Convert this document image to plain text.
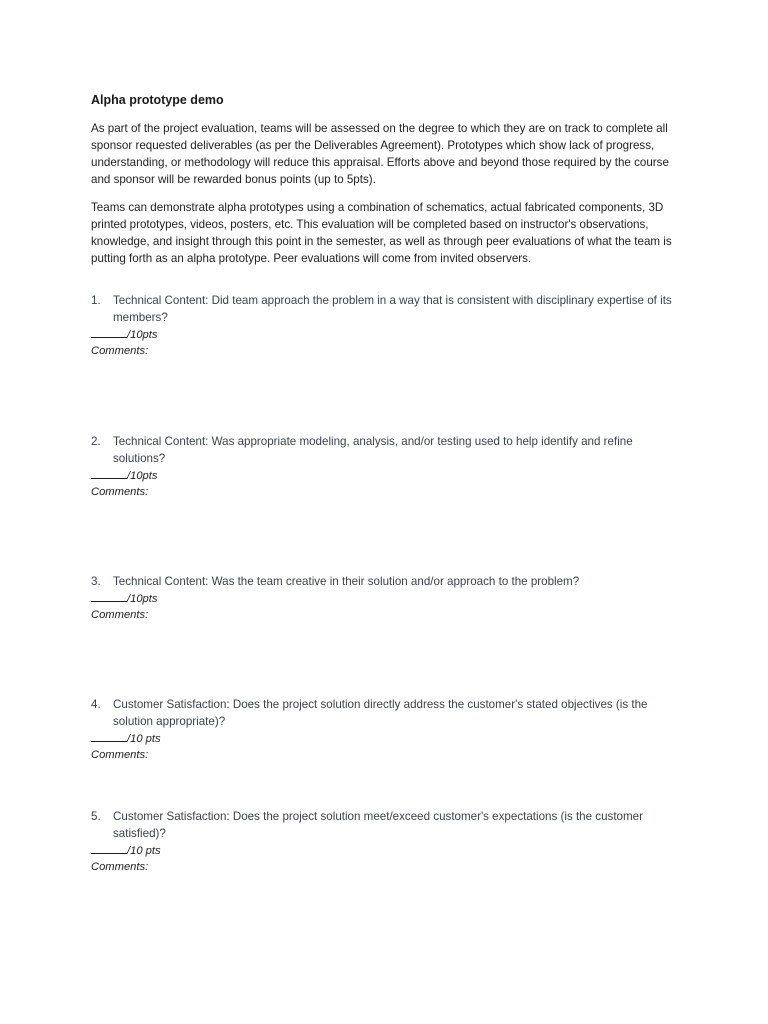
Alpha prototype demo

As part of the project evaluation, teams will be assessed on the degree to which they are on track to complete all sponsor requested deliverables (as per the Deliverables Agreement). Prototypes which show lack of progress, understanding, or methodology will reduce this appraisal. Efforts above and beyond those required by the course and sponsor will be rewarded bonus points (up to 5pts).

Teams can demonstrate alpha prototypes using a combination of schematics, actual fabricated components, 3D printed prototypes, videos, posters, etc. This evaluation will be completed based on instructor's observations, knowledge, and insight through this point in the semester, as well as through peer evaluations of what the team is putting forth as an alpha prototype. Peer evaluations will come from invited observers.

1.	Technical Content: Did team approach the problem in a way that is consistent with disciplinary expertise of its members?
/10pts
Comments:
2.	Technical Content: Was appropriate modeling, analysis, and/or testing used to help identify and refine solutions?
/10pts
Comments:
3.	Technical Content: Was the team creative in their solution and/or approach to the problem?
/10pts
Comments:
4.	Customer Satisfaction: Does the project solution directly address the customer's stated objectives (is the solution appropriate)?
/10 pts
Comments:
5.	Customer Satisfaction: Does the project solution meet/exceed customer's expectations (is the customer satisfied)?
/10 pts
Comments:
